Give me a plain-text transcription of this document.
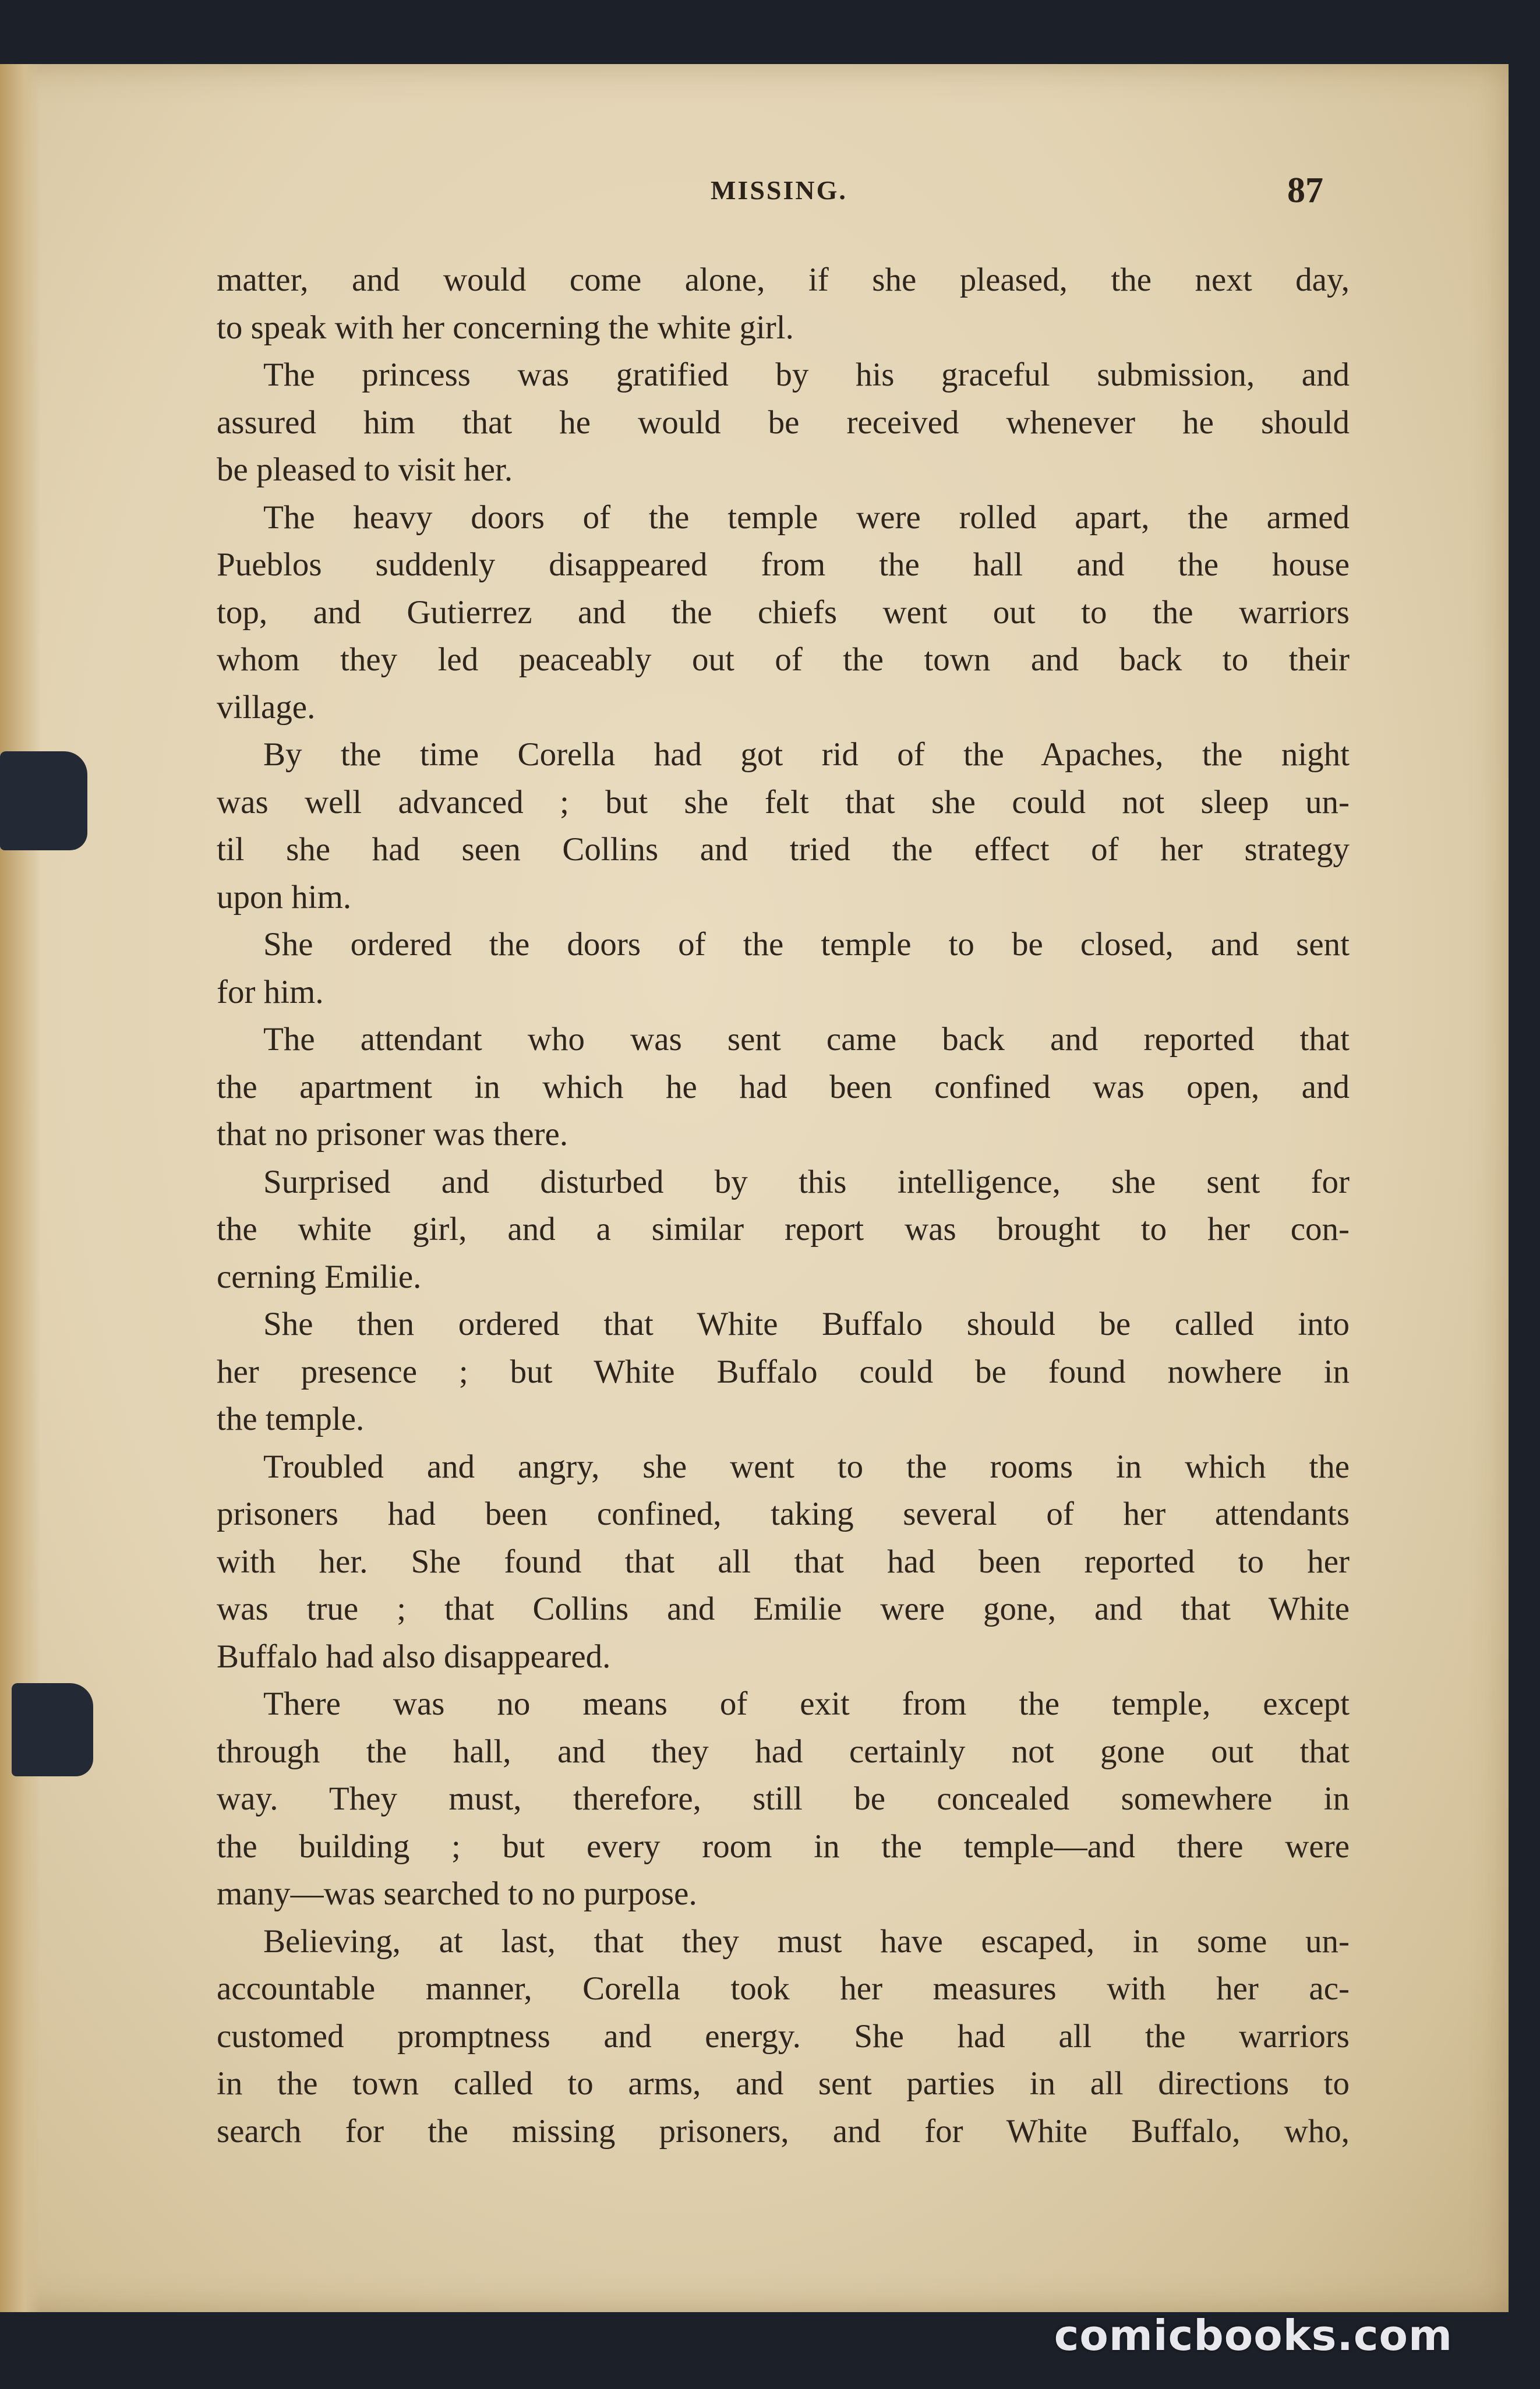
MISSING.	87
matter, and would come alone, if she pleased, the next day,
to speak with her concerning the white girl.
The princess was gratified by his graceful submission, and
assured him that he would be received whenever he should
be pleased to visit her.
The heavy doors of the temple were rolled apart, the armed
Pueblos suddenly disappeared from the hall and the house
top, and Gutierrez and the chiefs went out to the warriors
whom they led peaceably out of the town and back to their
village.
By the time Corella had got rid of the Apaches, the night
was well advanced ; but she felt that she could not sleep un-
til she had seen Collins and tried the effect of her strategy
upon him.
She ordered the doors of the temple to be closed, and sent
for him.
The attendant who was sent came back and reported that
the apartment in which he had been confined was open, and
that no prisoner was there.
Surprised and disturbed by this intelligence, she sent for
the white girl, and a similar report was brought to her con-
cerning Emilie.
She then ordered that White Buffalo should be called into
her presence ; but White Buffalo could be found nowhere in
the temple.
Troubled and angry, she went to the rooms in which the
prisoners had been confined, taking several of her attendants
with her. She found that all that had been reported to her
was true ; that Collins and Emilie were gone, and that White
Buffalo had also disappeared.
There was no means of exit from the temple, except
through the hall, and they had certainly not gone out that
way. They must, therefore, still be concealed somewhere in
the building ; but every room in the temple—and there were
many—was searched to no purpose.
Believing, at last, that they must have escaped, in some un-
accountable manner, Corella took her measures with her ac-
customed promptness and energy. She had all the warriors
in the town called to arms, and sent parties in all directions to
search for the missing prisoners, and for White Buffalo, who,
comicbooks.com
